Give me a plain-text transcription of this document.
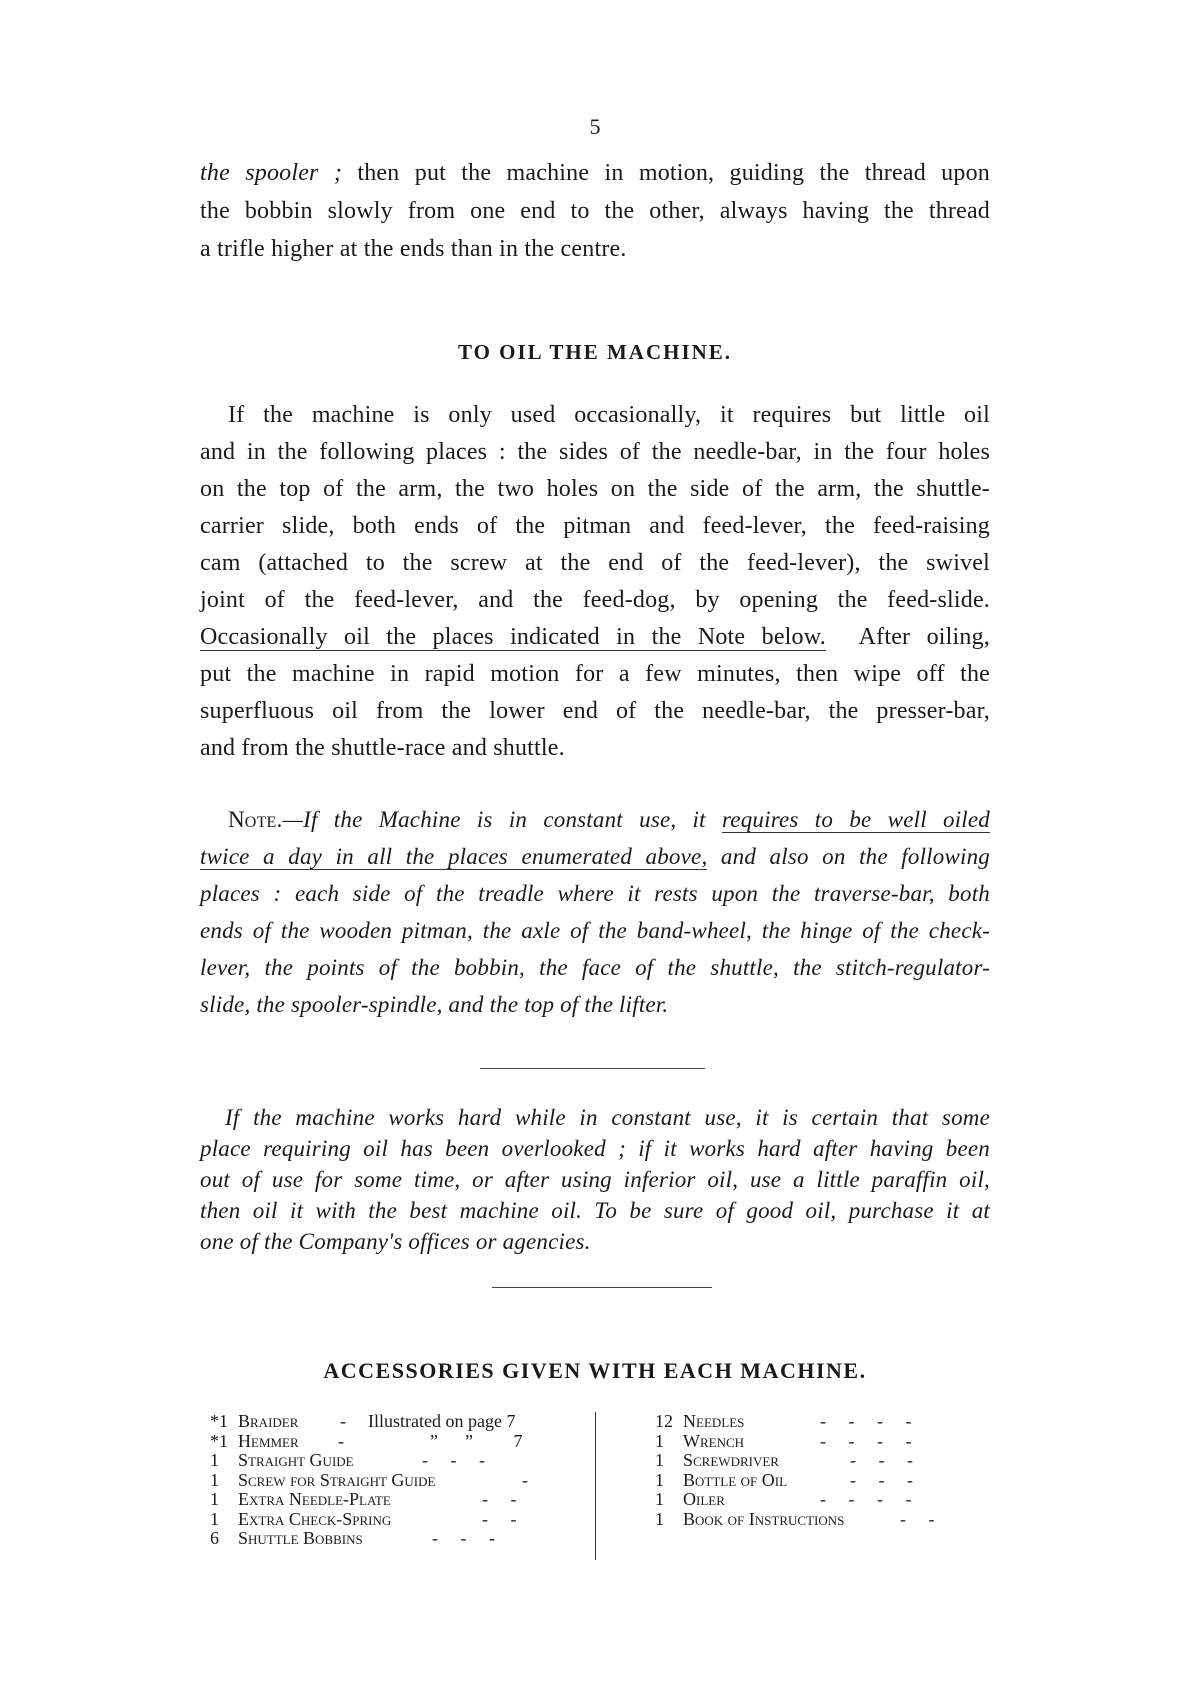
5
the spooler ; then put the machine in motion, guiding the thread upon
the bobbin slowly from one end to the other, always having the thread
a trifle higher at the ends than in the centre.
TO OIL THE MACHINE.
If the machine is only used occasionally, it requires but little oil
and in the following places : the sides of the needle-bar, in the four holes
on the top of the arm, the two holes on the side of the arm, the shuttle-
carrier slide, both ends of the pitman and feed-lever, the feed-raising
cam (attached to the screw at the end of the feed-lever), the swivel
joint of the feed-lever, and the feed-dog, by opening the feed-slide.
Occasionally oil the places indicated in the Note below. After oiling,
put the machine in rapid motion for a few minutes, then wipe off the
superfluous oil from the lower end of the needle-bar, the presser-bar,
and from the shuttle-race and shuttle.
Note.—If the Machine is in constant use, it requires to be well oiled
twice a day in all the places enumerated above, and also on the following
places : each side of the treadle where it rests upon the traverse-bar, both
ends of the wooden pitman, the axle of the band-wheel, the hinge of the check-
lever, the points of the bobbin, the face of the shuttle, the stitch-regulator-
slide, the spooler-spindle, and the top of the lifter.
If the machine works hard while in constant use, it is certain that some
place requiring oil has been overlooked ; if it works hard after having been
out of use for some time, or after using inferior oil, use a little paraffin oil,
then oil it with the best machine oil. To be sure of good oil, purchase it at
one of the Company's offices or agencies.
ACCESSORIES GIVEN WITH EACH MACHINE.
*1 Braider - Illustrated on page 7
*1 Hemmer -	”      ”         7
1 Straight Guide	-     -     -
1 Screw for Straight Guide	-
1 Extra Needle-Plate	-     -
1 Extra Check-Spring	-     -
6 Shuttle Bobbins	-     -     -
12 Needles	-     -     -     -
1 Wrench	-     -     -     -
1 Screwdriver	-     -     -
1 Bottle of Oil	-     -     -
1 Oiler	-     -     -     -
1 Book of Instructions	-     -
